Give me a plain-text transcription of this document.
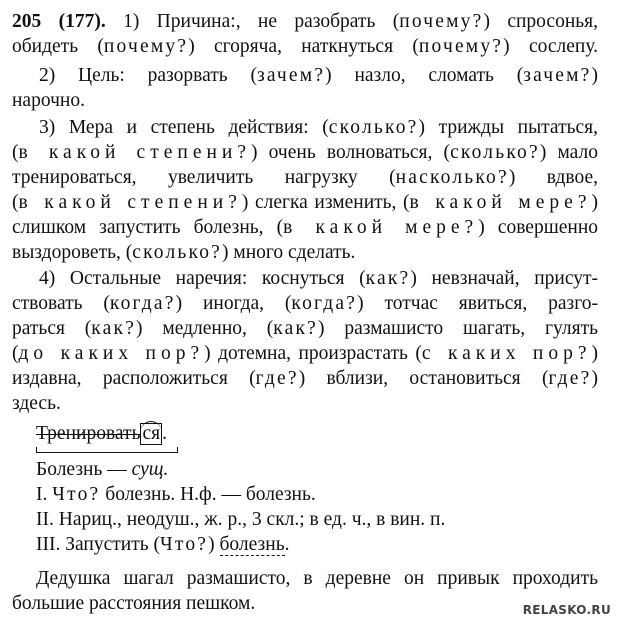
205 (177). 1) Причина:, не разобрать (почему?) спросонья,
обидеть (почему?) сгоряча, наткнуться (почему?) сослепу.
2) Цель: разорвать (зачем?) назло, сломать (зачем?)
нарочно.
3) Мера и степень действия: (сколько?) трижды пытаться,
(в какой степени?) очень волноваться, (сколько?) мало
тренироваться, увеличить нагрузку (насколько?) вдвое,
(в какой степени?) слегка изменить, (в какой мере?)
слишком запустить болезнь, (в какой мере?) совершенно
выздороветь, (сколько?) много сделать.
4) Остальные наречия: коснуться (как?) невзначай, присут-
ствовать (когда?) иногда, (когда?) тотчас явиться, разго-
раться (как?) медленно, (как?) размашисто шагать, гулять
(до каких пор?) дотемна, произрастать (с каких пор?)
издавна, расположиться (где?) вблизи, остановиться (где?)
здесь.
Тренировать ся .
Болезнь — сущ.
I. Что? болезнь. Н.ф. — болезнь.
II. Нариц., неодуш., ж. р., 3 скл.; в ед. ч., в вин. п.
III. Запустить (Что?) болезнь.
Дедушка шагал размашисто, в деревне он привык проходить
большие расстояния пешком.	RELASKO.RU
